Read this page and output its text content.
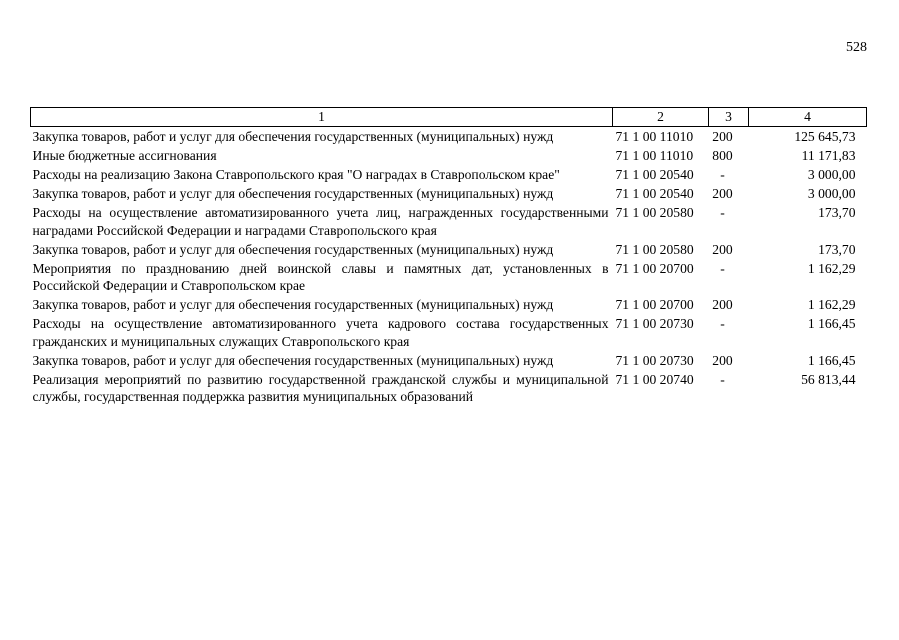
528
1	2	3	4
Закупка товаров, работ и услуг для обеспечения государственных (муниципальных) нужд	71 1 00 11010	200	125 645,73
Иные бюджетные ассигнования	71 1 00 11010	800	11 171,83
Расходы на реализацию Закона Ставропольского края "О наградах в Ставропольском крае"	71 1 00 20540	-	3 000,00
Закупка товаров, работ и услуг для обеспечения государственных (муниципальных) нужд	71 1 00 20540	200	3 000,00
Расходы на осуществление автоматизированного учета лиц, награжденных государственными наградами Российской Федерации и наградами Ставропольского края	71 1 00 20580	-	173,70
Закупка товаров, работ и услуг для обеспечения государственных (муниципальных) нужд	71 1 00 20580	200	173,70
Мероприятия по празднованию дней воинской славы и памятных дат, установленных в Российской Федерации и Ставропольском крае	71 1 00 20700	-	1 162,29
Закупка товаров, работ и услуг для обеспечения государственных (муниципальных) нужд	71 1 00 20700	200	1 162,29
Расходы на осуществление автоматизированного учета кадрового состава государственных гражданских и муниципальных служащих Ставропольского края	71 1 00 20730	-	1 166,45
Закупка товаров, работ и услуг для обеспечения государственных (муниципальных) нужд	71 1 00 20730	200	1 166,45
Реализация мероприятий по развитию государственной гражданской службы и муниципальной службы, государственная поддержка развития муниципальных образований	71 1 00 20740	-	56 813,44
